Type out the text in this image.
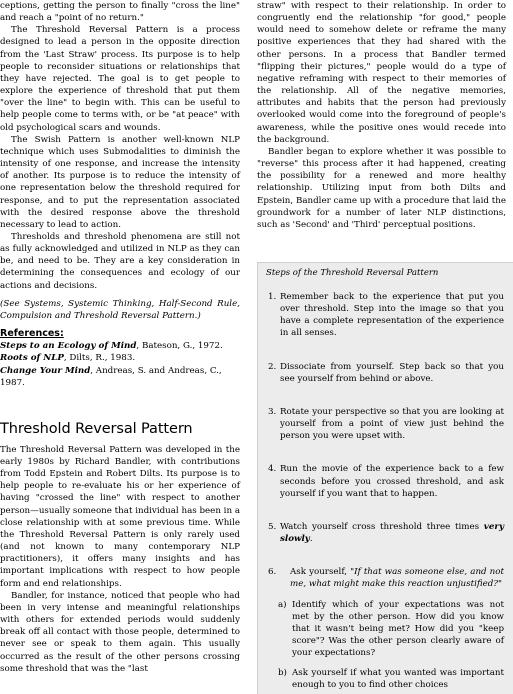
ceptions, getting the person to finally "cross the line" and reach a "point of no return."

The Threshold Reversal Pattern is a process designed to lead a person in the opposite direction from the 'Last Straw' process. Its purpose is to help people to reconsider situations or relationships that they have rejected. The goal is to get people to explore the experience of threshold that put them "over the line" to begin with. This can be useful to help people come to terms with, or be "at peace" with old psychological scars and wounds.

The Swish Pattern is another well-known NLP technique which uses Submodalities to diminish the intensity of one response, and increase the intensity of another. Its purpose is to reduce the intensity of one representation below the threshold required for response, and to put the representation associated with the desired response above the threshold necessary to lead to action.

Thresholds and threshold phenomena are still not as fully acknowledged and utilized in NLP as they can be, and need to be. They are a key consideration in determining the consequences and ecology of our actions and decisions.

(See Systems, Systemic Thinking, Half-Second Rule, Compulsion and Threshold Reversal Pattern.)

References:

Steps to an Ecology of Mind, Bateson, G., 1972.

Roots of NLP, Dilts, R., 1983.

Change Your Mind, Andreas, S. and Andreas, C., 1987.

Threshold Reversal Pattern

The Threshold Reversal Pattern was developed in the early 1980s by Richard Bandler, with contributions from Todd Epstein and Robert Dilts. Its purpose is to help people to re-evaluate his or her experience of having "crossed the line" with respect to another person—usually someone that individual has been in a close relationship with at some previous time. While the Threshold Reversal Pattern is only rarely used (and not known to many contemporary NLP practitioners), it offers many insights and has important implications with respect to how people form and end relationships.

Bandler, for instance, noticed that people who had been in very intense and meaningful relationships with others for extended periods would suddenly break off all contact with those people, determined to never see or speak to them again. This usually occurred as the result of the other persons crossing some threshold that was the "last

straw" with respect to their relationship. In order to congruently end the relationship "for good," people would need to somehow delete or reframe the many positive experiences that they had shared with the other persons. In a process that Bandler termed "flipping their pictures," people would do a type of negative reframing with respect to their memories of the relationship. All of the negative memories, attributes and habits that the person had previously overlooked would come into the foreground of people's awareness, while the positive ones would recede into the background.

Bandler began to explore whether it was possible to "reverse" this process after it had happened, creating the possibility for a renewed and more healthy relationship. Utilizing input from both Dilts and Epstein, Bandler came up with a procedure that laid the groundwork for a number of later NLP distinctions, such as 'Second' and 'Third' perceptual positions.

Steps of the Threshold Reversal Pattern
1. Remember back to the experience that put you over threshold. Step into the image so that you have a complete representation of the experience in all senses.
2. Dissociate from yourself. Step back so that you see yourself from behind or above.
3. Rotate your perspective so that you are looking at yourself from a point of view just behind the person you were upset with.
4. Run the movie of the experience back to a few seconds before you crossed threshold, and ask yourself if you want that to happen.
5. Watch yourself cross threshold three times very slowly.
6. Ask yourself, "If that was someone else, and not me, what might make this reaction unjustified?"
a) Identify which of your expectations was not met by the other person. How did you know that it wasn't being met? How did you "keep score"? Was the other person clearly aware of your expectations?
b) Ask yourself if what you wanted was important enough to you to find other choices
